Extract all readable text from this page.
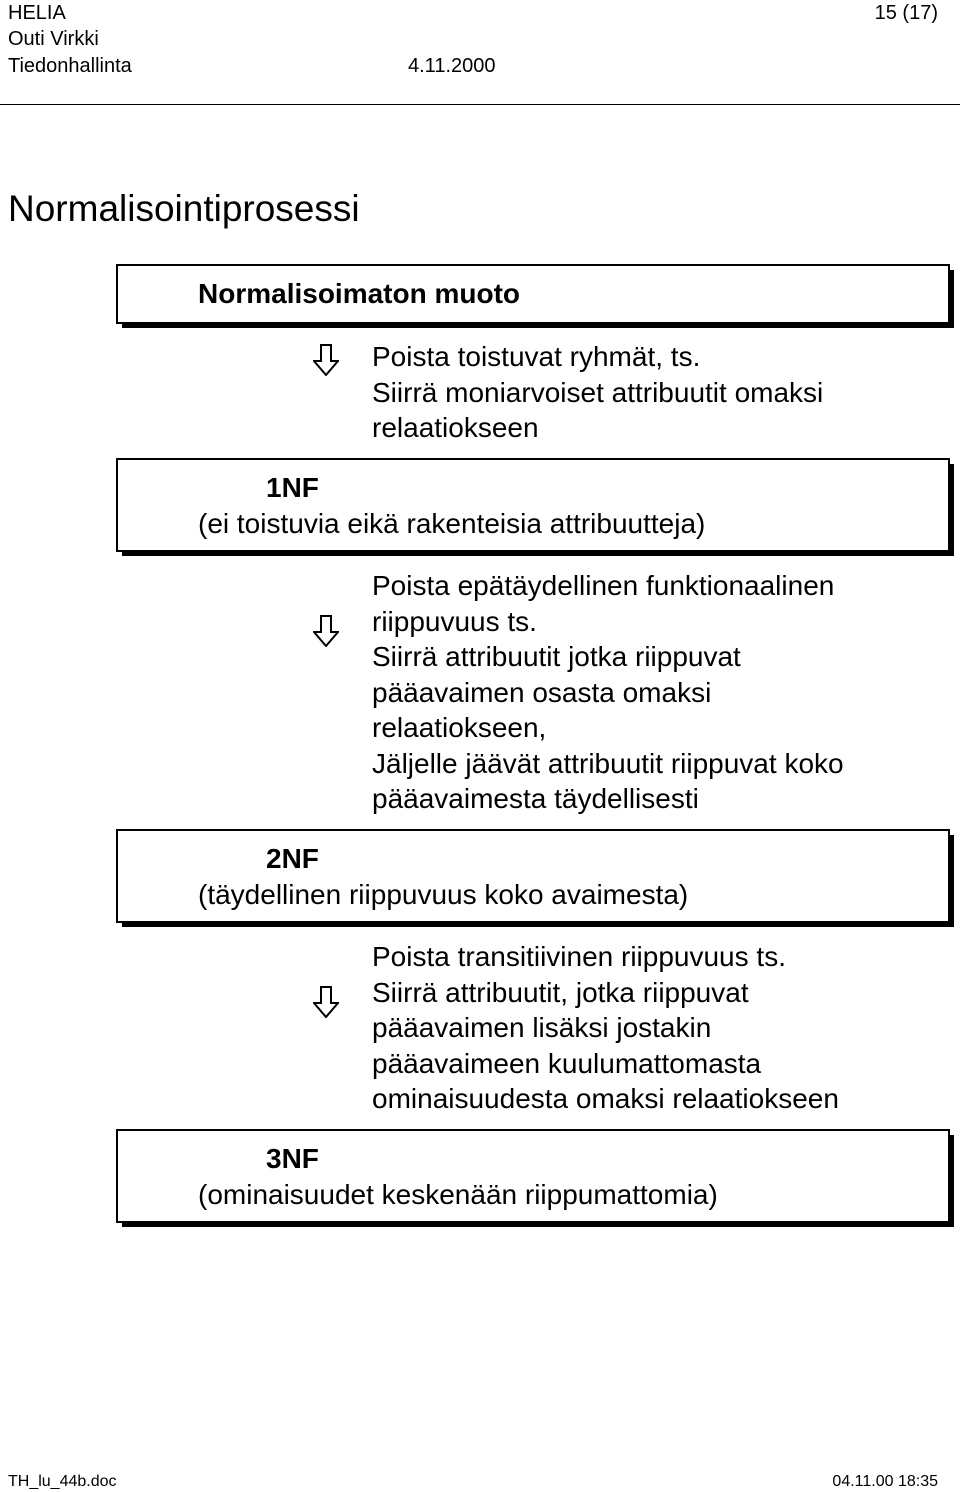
HELIA
Outi Virkki
Tiedonhallinta	4.11.2000
15 (17)
Normalisointiprosessi
Normalisoimaton muoto
Poista toistuvat ryhmät, ts.
Siirrä moniarvoiset attribuutit omaksi
relaatiokseen
1NF
(ei toistuvia eikä rakenteisia attribuutteja)
Poista epätäydellinen funktionaalinen
riippuvuus ts.
Siirrä attribuutit jotka riippuvat
pääavaimen osasta omaksi
relaatiokseen,
Jäljelle jäävät attribuutit riippuvat koko
pääavaimesta täydellisesti
2NF
(täydellinen riippuvuus koko avaimesta)
Poista transitiivinen riippuvuus ts.
Siirrä attribuutit, jotka riippuvat
pääavaimen lisäksi jostakin
pääavaimeen kuulumattomasta
ominaisuudesta omaksi relaatiokseen
3NF
(ominaisuudet keskenään riippumattomia)
TH_lu_44b.doc	04.11.00 18:35
